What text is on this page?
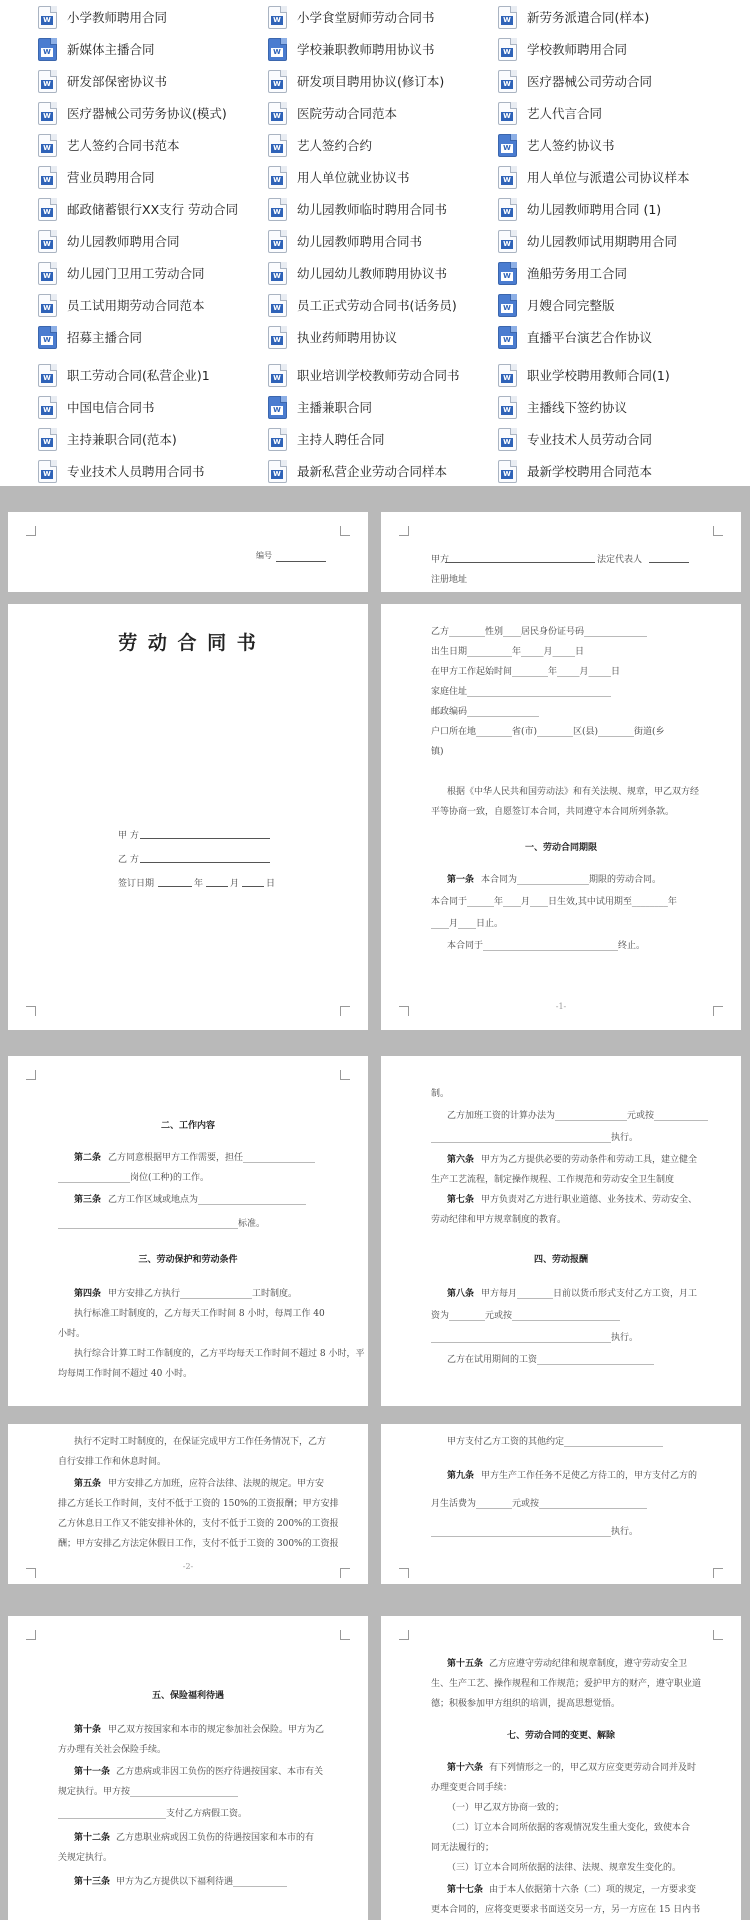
W 小学教师聘用合同	W 小学食堂厨师劳动合同书	W 新劳务派遣合同(样本)
W 新媒体主播合同	W 学校兼职教师聘用协议书	W 学校教师聘用合同
W 研发部保密协议书	W 研发项目聘用协议(修订本)	W 医疗器械公司劳动合同
W 医疗器械公司劳务协议(模式)	W 医院劳动合同范本	W 艺人代言合同
W 艺人签约合同书范本	W 艺人签约合约	W 艺人签约协议书
W 营业员聘用合同	W 用人单位就业协议书	W 用人单位与派遣公司协议样本
W 邮政储蓄银行XX支行 劳动合同	W 幼儿园教师临时聘用合同书	W 幼儿园教师聘用合同 (1)
W 幼儿园教师聘用合同	W 幼儿园教师聘用合同书	W 幼儿园教师试用期聘用合同
W 幼儿园门卫用工劳动合同	W 幼儿园幼儿教师聘用协议书	W 渔船劳务用工合同
W 员工试用期劳动合同范本	W 员工正式劳动合同书(话务员)	W 月嫂合同完整版
W 招募主播合同	W 执业药师聘用协议	W 直播平台演艺合作协议
W 职工劳动合同(私营企业)1	W 职业培训学校教师劳动合同书	W 职业学校聘用教师合同(1)
W 中国电信合同书	W 主播兼职合同	W 主播线下签约协议
W 主持兼职合同(范本)	W 主持人聘任合同	W 专业技术人员劳动合同
W 专业技术人员聘用合同书	W 最新私营企业劳动合同样本	W 最新学校聘用合同范本
编号	甲方	法定代表人
注册地址
劳 动 合 同 书
甲 方
乙 方
签订日期	年	月	日
乙方________性别____居民身份证号码______________
出生日期__________年_____月_____日
在甲方工作起始时间________年_____月_____日
家庭住址________________________________
邮政编码________________
户口所在地________省(市)________区(县)________街道(乡
镇)
根据《中华人民共和国劳动法》和有关法规、规章，甲乙双方经
平等协商一致，自愿签订本合同，共同遵守本合同所列条款。
一、劳动合同期限
第一条 本合同为________________期限的劳动合同。
本合同于______年____月____日生效,其中试用期至________年
____月____日止。
本合同于______________________________终止。
-1-
二、工作内容
第二条 乙方同意根据甲方工作需要，担任________________
________________岗位(工种)的工作。
第三条 乙方工作区域或地点为________________________
________________________________________标准。
三、劳动保护和劳动条件
第四条 甲方安排乙方执行________________工时制度。
执行标准工时制度的，乙方每天工作时间 8 小时，每周工作 40
小时。
执行综合计算工时工作制度的，乙方平均每天工作时间不超过 8 小时，平
均每周工作时间不超过 40 小时。
制。
乙方加班工资的计算办法为________________元或按____________
________________________________________执行。
第六条 甲方为乙方提供必要的劳动条件和劳动工具，建立健全
生产工艺流程，制定操作规程、工作规范和劳动安全卫生制度
第七条 甲方负责对乙方进行职业道德、业务技术、劳动安全、
劳动纪律和甲方规章制度的教育。
四、劳动报酬
第八条 甲方每月________日前以货币形式支付乙方工资，月工
资为________元或按________________________
________________________________________执行。
乙方在试用期间的工资__________________________
执行不定时工时制度的，在保证完成甲方工作任务情况下，乙方
自行安排工作和休息时间。
第五条 甲方安排乙方加班，应符合法律、法规的规定。甲方安
排乙方延长工作时间，支付不低于工资的 150%的工资报酬；甲方安排
乙方休息日工作又不能安排补休的，支付不低于工资的 200%的工资报
酬；甲方安排乙方法定休假日工作，支付不低于工资的 300%的工资报
-2-
甲方支付乙方工资的其他约定______________________
第九条 甲方生产工作任务不足使乙方待工的，甲方支付乙方的
月生活费为________元或按________________________
________________________________________执行。
五、保险福利待遇
第十条 甲乙双方按国家和本市的规定参加社会保险。甲方为乙
方办理有关社会保险手续。
第十一条 乙方患病或非因工负伤的医疗待遇按国家、本市有关
规定执行。甲方按________________________
________________________支付乙方病假工资。
第十二条 乙方患职业病或因工负伤的待遇按国家和本市的有
关规定执行。
第十三条 甲方为乙方提供以下福利待遇____________
第十五条 乙方应遵守劳动纪律和规章制度，遵守劳动安全卫
生、生产工艺、操作规程和工作规范；爱护甲方的财产，遵守职业道
德；积极参加甲方组织的培训，提高思想觉悟。
七、劳动合同的变更、解除
第十六条 有下列情形之一的，甲乙双方应变更劳动合同并及时
办理变更合同手续：
（一）甲乙双方协商一致的；
（二）订立本合同所依据的客观情况发生重大变化，致使本合
同无法履行的；
（三）订立本合同所依据的法律、法规、规章发生变化的。
第十七条 由于本人依据第十六条（二）项的规定，一方要求变
更本合同的，应将变更要求书面送交另一方，另一方应在 15 日内书
